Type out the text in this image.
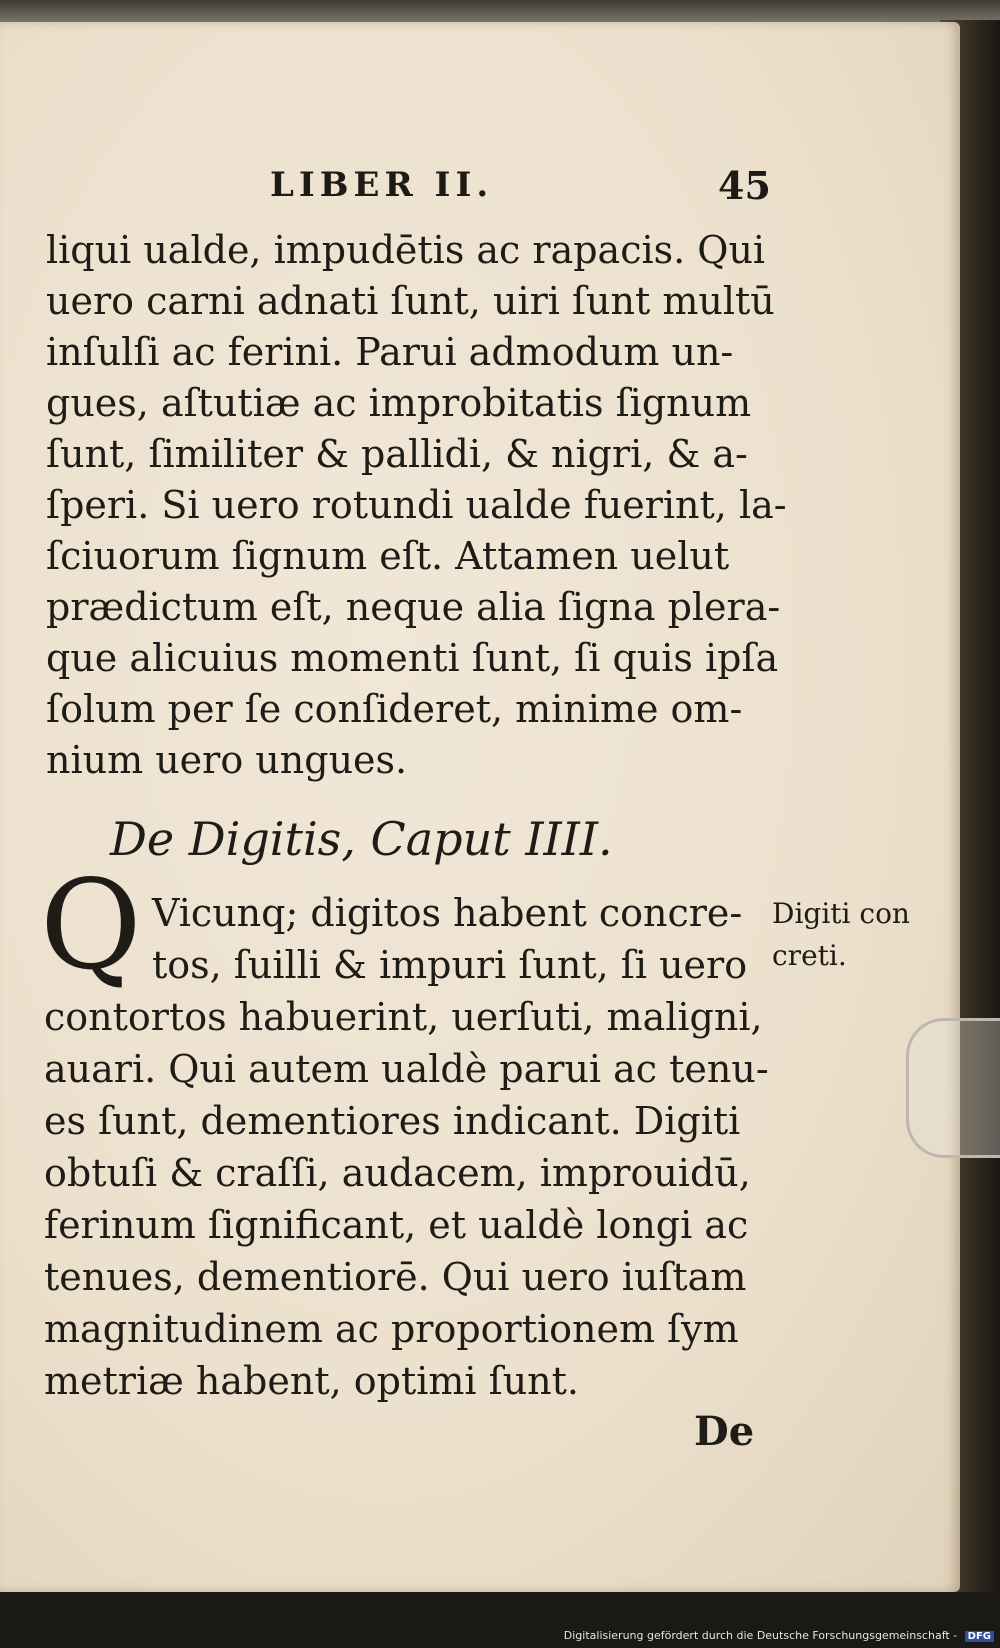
LIBER II.	45
liqui ualde, impudētis ac rapacis. Qui
uero carni adnati ſunt, uiri ſunt multū
inſulſi ac ferini. Parui admodum un-
gues, aſtutiæ ac improbitatis ſignum
ſunt, ſimiliter & pallidi, & nigri, & a-
ſperi. Si uero rotundi ualde fuerint, la-
ſciuorum ſignum eſt. Attamen uelut
prædictum eſt, neque alia ſigna plera-
que alicuius momenti ſunt, ſi quis ipſa
ſolum per ſe conſideret, minime om-
nium uero ungues.
De Digitis, Caput IIII.
Q Vicunq; digitos habent concre-
tos, ſuilli & impuri ſunt, ſi uero
contortos habuerint, uerſuti, maligni,
auari. Qui autem ualdè parui ac tenu-
es ſunt, dementiores indicant. Digiti
obtuſi & craſſi, audacem, improuidū,
ferinum ſignificant, et ualdè longi ac
tenues, dementiorē. Qui uero iuſtam
magnitudinem ac proportionem ſym
metriæ habent, optimi ſunt.
Digiti con
creti.
De
Digitalisierung gefördert durch die Deutsche Forschungsgemeinschaft - DFG
